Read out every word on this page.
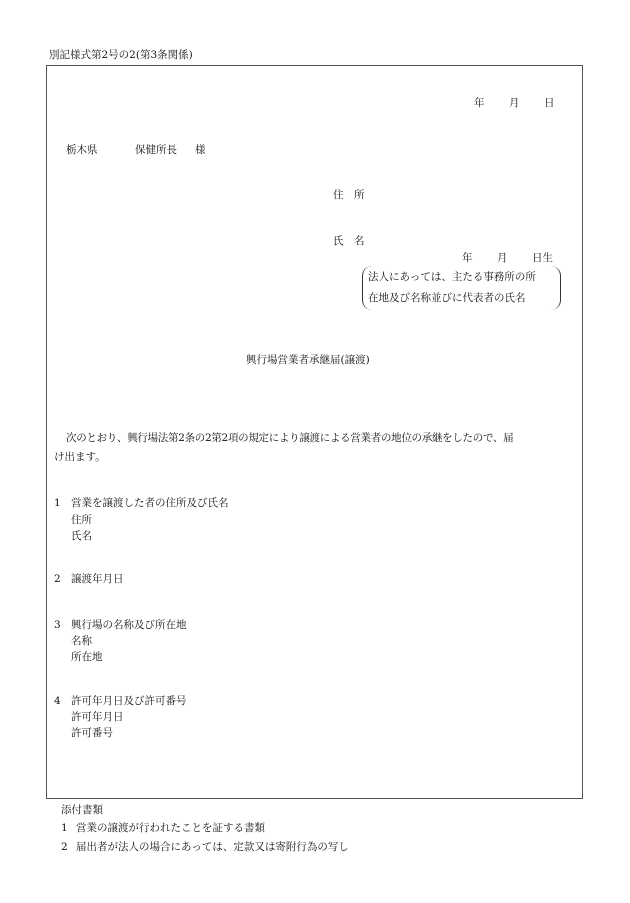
別記様式第2号の2(第3条関係)
年 月 日
栃木県	保健所長 様
住　所
氏　名
年 月 日生
法人にあっては、主たる事務所の所
在地及び名称並びに代表者の氏名
興行場営業者承継届(譲渡)
次のとおり、興行場法第2条の2第2項の規定により譲渡による営業者の地位の承継をしたので、届
け出ます。
1 営業を譲渡した者の住所及び氏名
住所
氏名
2 譲渡年月日
3 興行場の名称及び所在地
名称
所在地
4 許可年月日及び許可番号
許可年月日
許可番号
添付書類
1 営業の譲渡が行われたことを証する書類
2 届出者が法人の場合にあっては、定款又は寄附行為の写し
